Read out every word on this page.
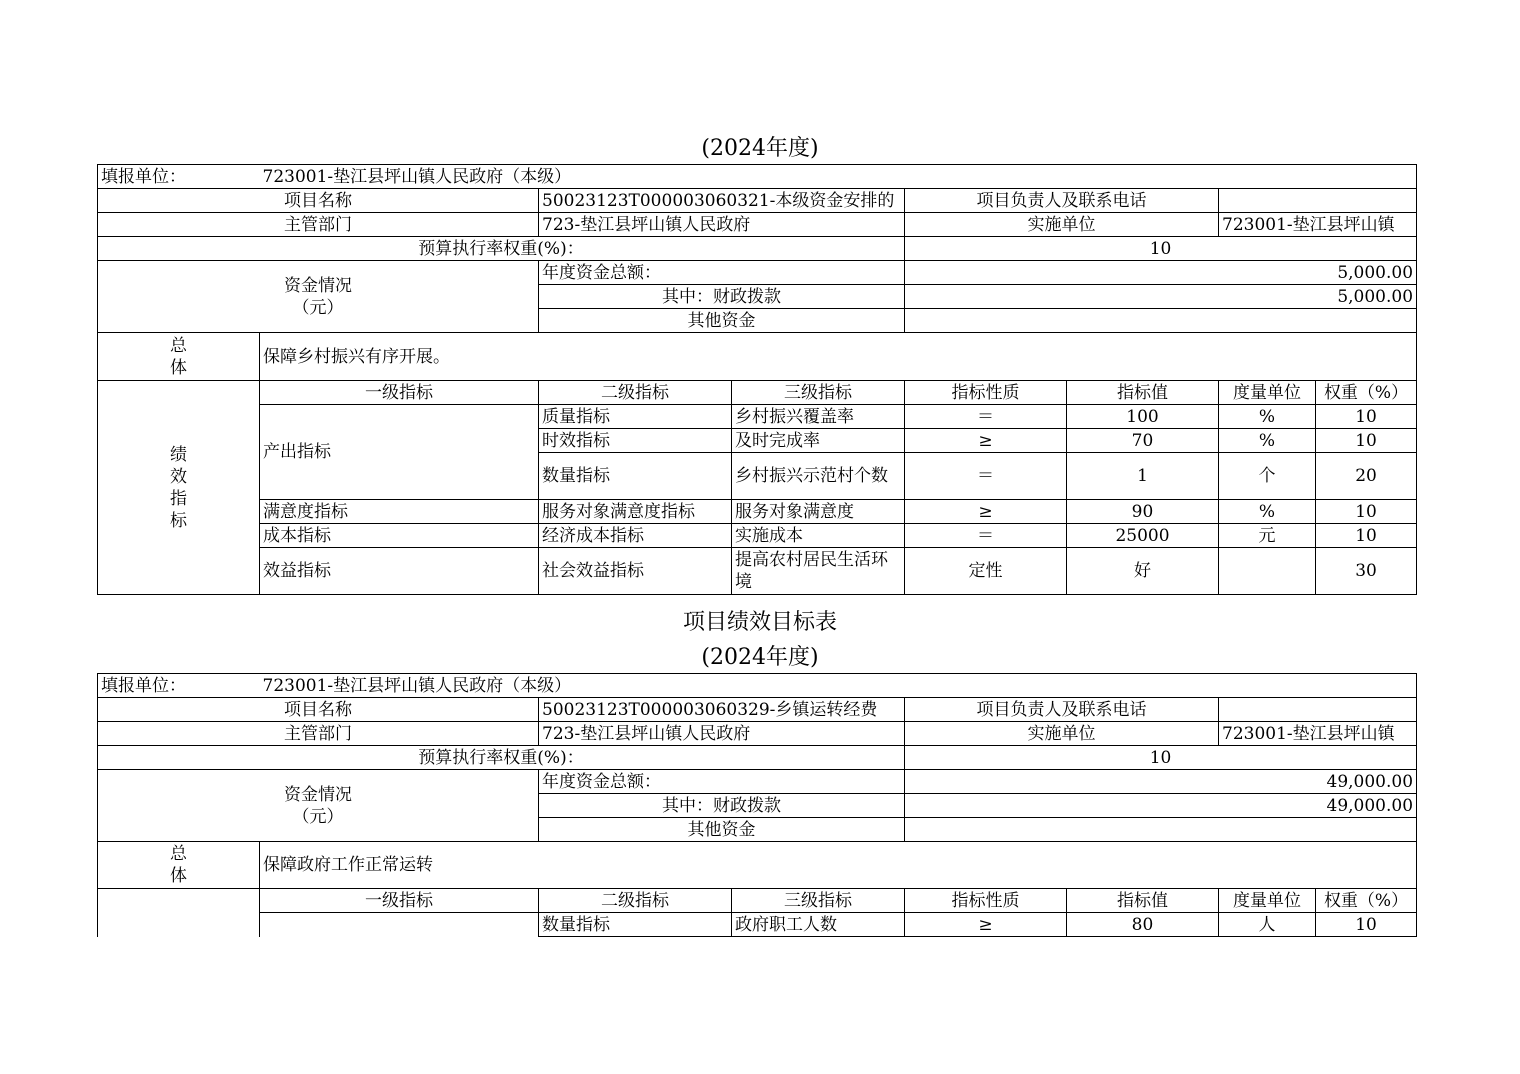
(2024年度)
填报单位：	723001-垫江县坪山镇人民政府（本级）						
项目名称		50023123T000003060321-本级资金安排的		项目负责人及联系电话			
主管部门		723-垫江县坪山镇人民政府		实施单位		723001-垫江县坪山镇	
预算执行率权重(%)：				10			

资金情况
（元）		年度资金总额：		5,000.00			
		其中：财政拨款		5,000.00			
		其他资金					

总
体	保障乡村振兴有序开展。						

绩
效
指
标	一级指标	二级指标	三级指标	指标性质	指标值	度量单位	权重（%）
	产出指标	质量指标	乡村振兴覆盖率	＝	100	%	10
		时效指标	及时完成率	≥	70	%	10
		数量指标	乡村振兴示范村个数	＝	1	个	20
	满意度指标	服务对象满意度指标	服务对象满意度	≥	90	%	10
	成本指标	经济成本指标	实施成本	＝	25000	元	10
	效益指标	社会效益指标	提高农村居民生活环境	定性	好		30
项目绩效目标表
(2024年度)
填报单位：	723001-垫江县坪山镇人民政府（本级）						
项目名称		50023123T000003060329-乡镇运转经费		项目负责人及联系电话			
主管部门		723-垫江县坪山镇人民政府		实施单位		723001-垫江县坪山镇	
预算执行率权重(%)：				10			

资金情况
（元）		年度资金总额：		49,000.00			
		其中：财政拨款		49,000.00			
		其他资金					

总
体	保障政府工作正常运转						
	一级指标	二级指标	三级指标	指标性质	指标值	度量单位	权重（%）
		数量指标	政府职工人数	≥	80	人	10
